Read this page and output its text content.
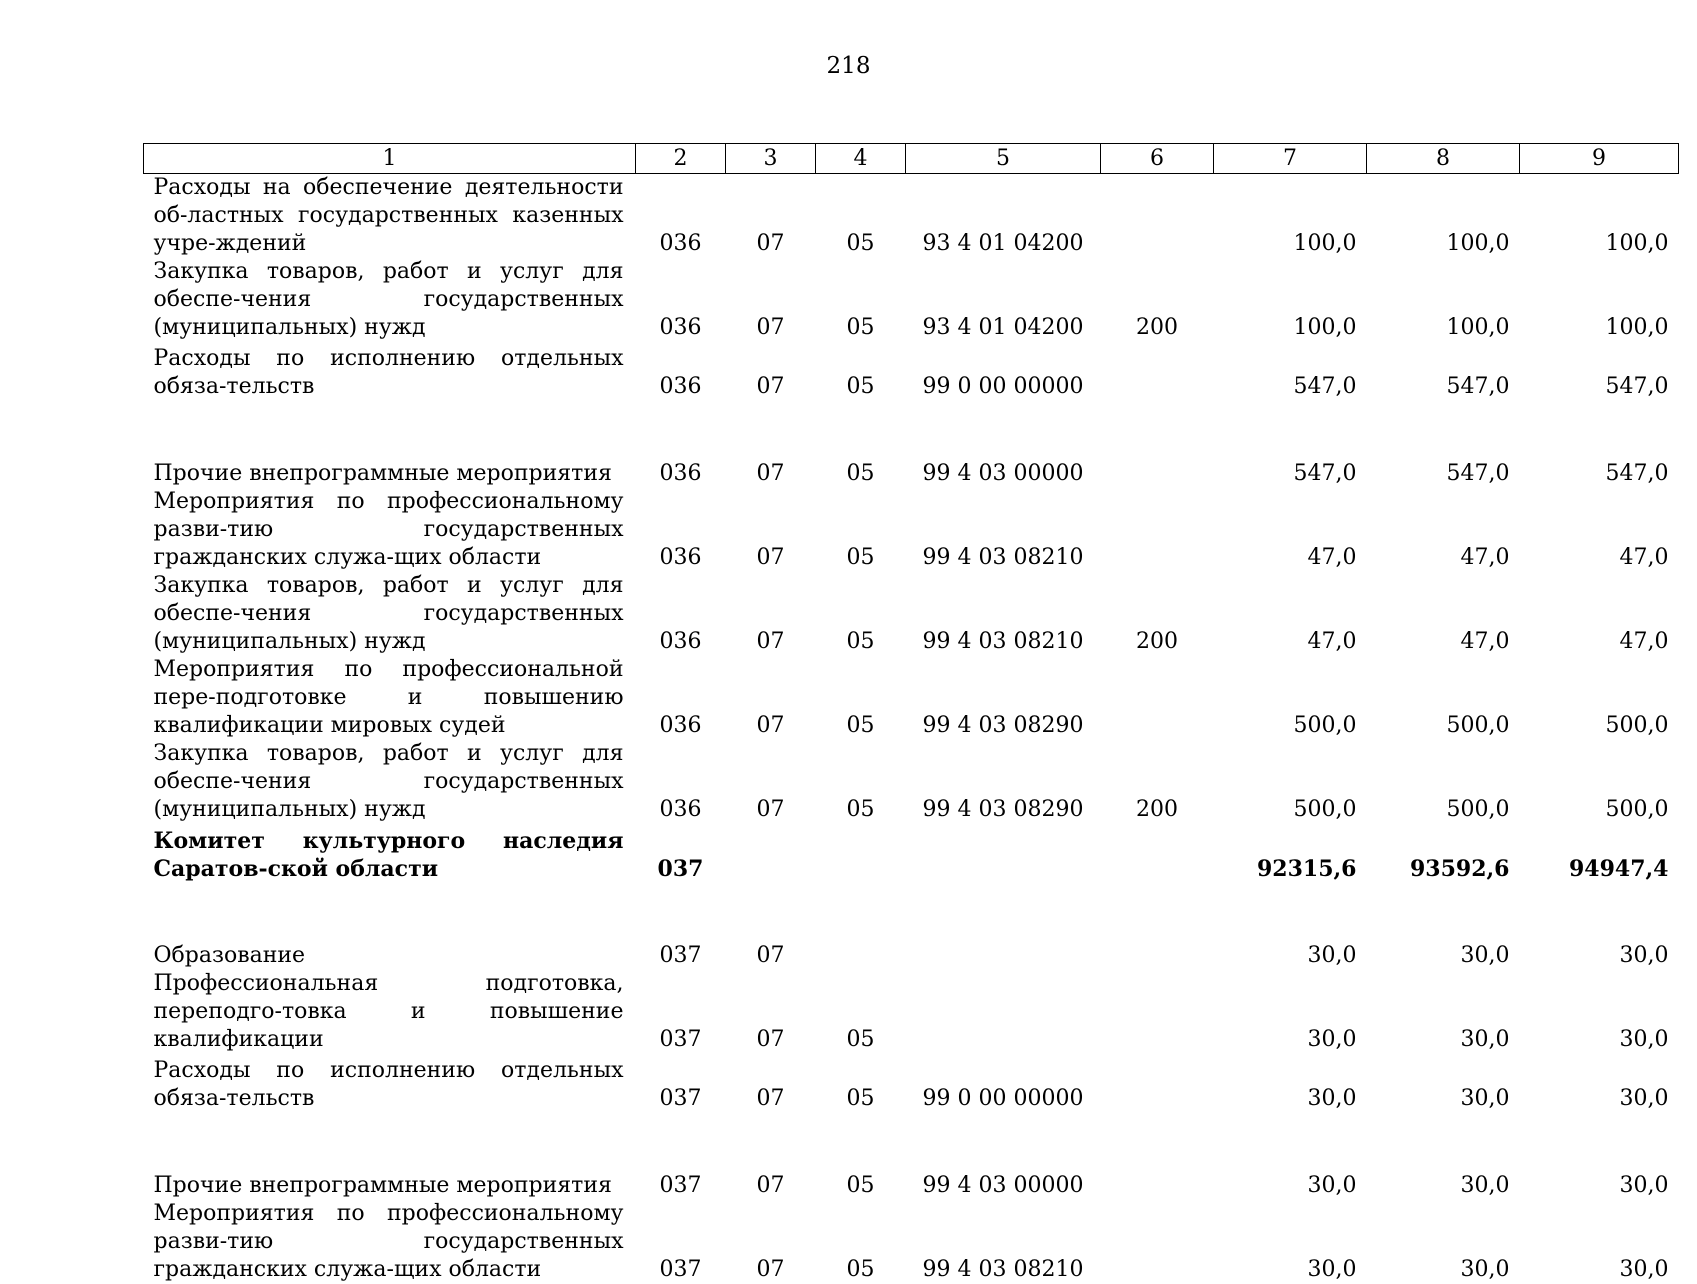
218
1	2	3	4	5	6	7	8	9
Расходы на обеспечение деятельности об-ластных государственных казенных учре-ждений	036	07	05	93 4 01 04200		100,0	100,0	100,0
Закупка товаров, работ и услуг для обеспе-чения государственных (муниципальных) нужд	036	07	05	93 4 01 04200	200	100,0	100,0	100,0
Расходы по исполнению отдельных обяза-тельств	036	07	05	99 0 00 00000		547,0	547,0	547,0
Прочие внепрограммные мероприятия	036	07	05	99 4 03 00000		547,0	547,0	547,0
Мероприятия по профессиональному разви-тию государственных гражданских служа-щих области	036	07	05	99 4 03 08210		47,0	47,0	47,0
Закупка товаров, работ и услуг для обеспе-чения государственных (муниципальных) нужд	036	07	05	99 4 03 08210	200	47,0	47,0	47,0
Мероприятия по профессиональной пере-подготовке и повышению квалификации мировых судей	036	07	05	99 4 03 08290		500,0	500,0	500,0
Закупка товаров, работ и услуг для обеспе-чения государственных (муниципальных) нужд	036	07	05	99 4 03 08290	200	500,0	500,0	500,0
Комитет культурного наследия Саратов-ской области	037					92315,6	93592,6	94947,4
Образование	037	07				30,0	30,0	30,0
Профессиональная подготовка, переподго-товка и повышение квалификации	037	07	05			30,0	30,0	30,0
Расходы по исполнению отдельных обяза-тельств	037	07	05	99 0 00 00000		30,0	30,0	30,0
Прочие внепрограммные мероприятия	037	07	05	99 4 03 00000		30,0	30,0	30,0
Мероприятия по профессиональному разви-тию государственных гражданских служа-щих области	037	07	05	99 4 03 08210		30,0	30,0	30,0
